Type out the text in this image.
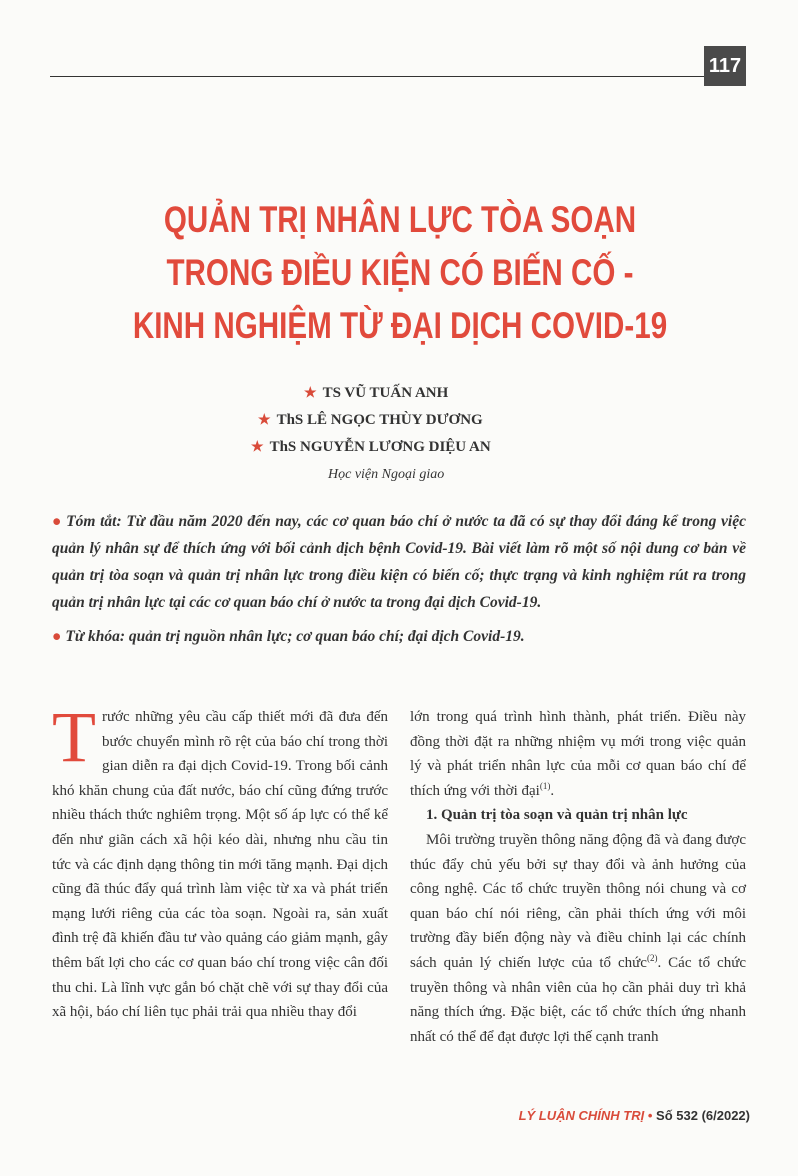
117
QUẢN TRỊ NHÂN LỰC TÒA SOẠN
TRONG ĐIỀU KIỆN CÓ BIẾN CỐ -
KINH NGHIỆM TỪ ĐẠI DỊCH COVID-19
★ TS VŨ TUẤN ANH
★ ThS LÊ NGỌC THÙY DƯƠNG
★ ThS NGUYỄN LƯƠNG DIỆU AN
Học viện Ngoại giao

● Tóm tắt: Từ đầu năm 2020 đến nay, các cơ quan báo chí ở nước ta đã có sự thay đổi đáng kể trong việc quản lý nhân sự để thích ứng với bối cảnh dịch bệnh Covid-19. Bài viết làm rõ một số nội dung cơ bản về quản trị tòa soạn và quản trị nhân lực trong điều kiện có biến cố; thực trạng và kinh nghiệm rút ra trong quản trị nhân lực tại các cơ quan báo chí ở nước ta trong đại dịch Covid-19.

● Từ khóa: quản trị nguồn nhân lực; cơ quan báo chí; đại dịch Covid-19.

Trước những yêu cầu cấp thiết mới đã đưa đến bước chuyển mình rõ rệt của báo chí trong thời gian diễn ra đại dịch Covid-19. Trong bối cảnh khó khăn chung của đất nước, báo chí cũng đứng trước nhiều thách thức nghiêm trọng. Một số áp lực có thể kể đến như giãn cách xã hội kéo dài, nhưng nhu cầu tin tức và các định dạng thông tin mới tăng mạnh. Đại dịch cũng đã thúc đẩy quá trình làm việc từ xa và phát triển mạng lưới riêng của các tòa soạn. Ngoài ra, sản xuất đình trệ đã khiến đầu tư vào quảng cáo giảm mạnh, gây thêm bất lợi cho các cơ quan báo chí trong việc cân đối thu chi. Là lĩnh vực gắn bó chặt chẽ với sự thay đổi của xã hội, báo chí liên tục phải trải qua nhiều thay đổi

lớn trong quá trình hình thành, phát triển. Điều này đồng thời đặt ra những nhiệm vụ mới trong việc quản lý và phát triển nhân lực của mỗi cơ quan báo chí để thích ứng với thời đại$^{(1)}$.

1. Quản trị tòa soạn và quản trị nhân lực

Môi trường truyền thông năng động đã và đang được thúc đẩy chủ yếu bởi sự thay đổi và ảnh hưởng của công nghệ. Các tổ chức truyền thông nói chung và cơ quan báo chí nói riêng, cần phải thích ứng với môi trường đầy biến động này và điều chỉnh lại các chính sách quản lý chiến lược của tổ chức$^{(2)}$. Các tổ chức truyền thông và nhân viên của họ cần phải duy trì khả năng thích ứng. Đặc biệt, các tổ chức thích ứng nhanh nhất có thể để đạt được lợi thế cạnh tranh

LÝ LUẬN CHÍNH TRỊ • Số 532 (6/2022)
